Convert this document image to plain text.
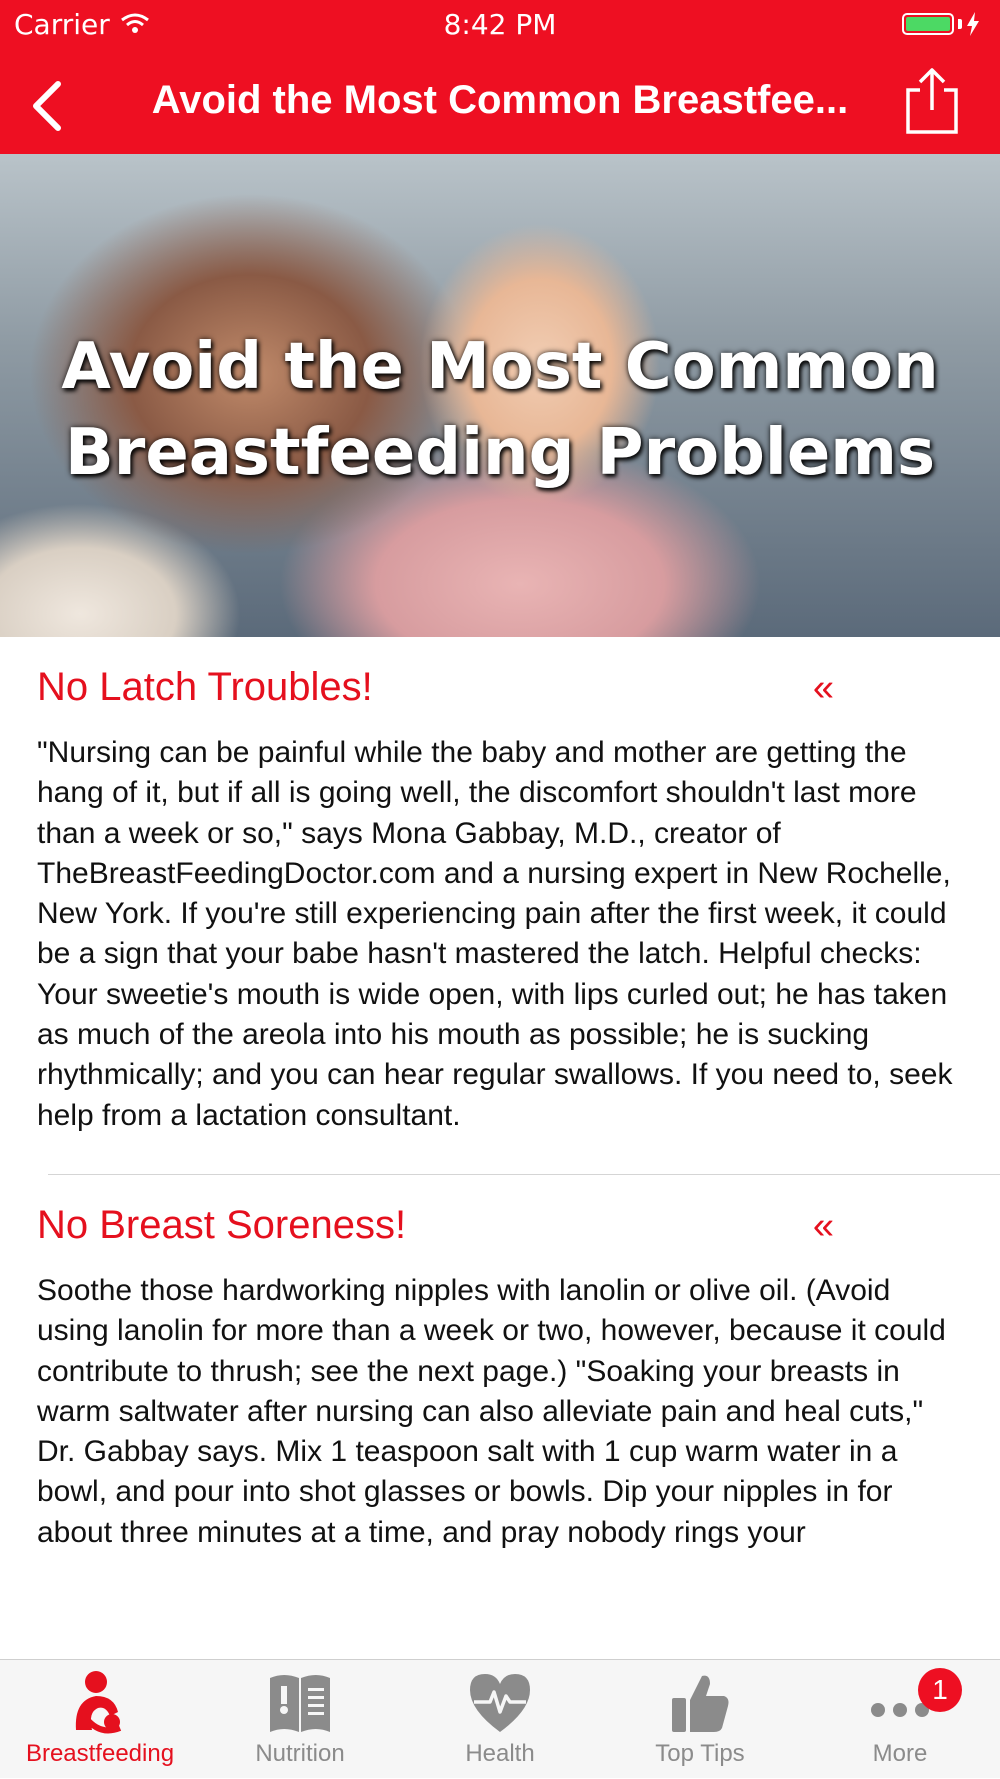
Carrier	8:42 PM
Avoid the Most Common Breastfee...
Avoid the Most Common Breastfeeding Problems
No Latch Troubles!	«

"Nursing can be painful while the baby and mother are getting the hang of it, but if all is going well, the discomfort shouldn't last more than a week or so," says Mona Gabbay, M.D., creator of TheBreastFeedingDoctor.com and a nursing expert in New Rochelle, New York. If you're still experiencing pain after the first week, it could be a sign that your babe hasn't mastered the latch. Helpful checks: Your sweetie's mouth is wide open, with lips curled out; he has taken as much of the areola into his mouth as possible; he is sucking rhythmically; and you can hear regular swallows. If you need to, seek help from a lactation consultant.

No Breast Soreness!	«

Soothe those hardworking nipples with lanolin or olive oil. (Avoid using lanolin for more than a week or two, however, because it could contribute to thrush; see the next page.) "Soaking your breasts in warm saltwater after nursing can also alleviate pain and heal cuts," Dr. Gabbay says. Mix 1 teaspoon salt with 1 cup warm water in a bowl, and pour into shot glasses or bowls. Dip your nipples in for about three minutes at a time, and pray nobody rings your

Breastfeeding	Nutrition	Health	Top Tips
1
More
